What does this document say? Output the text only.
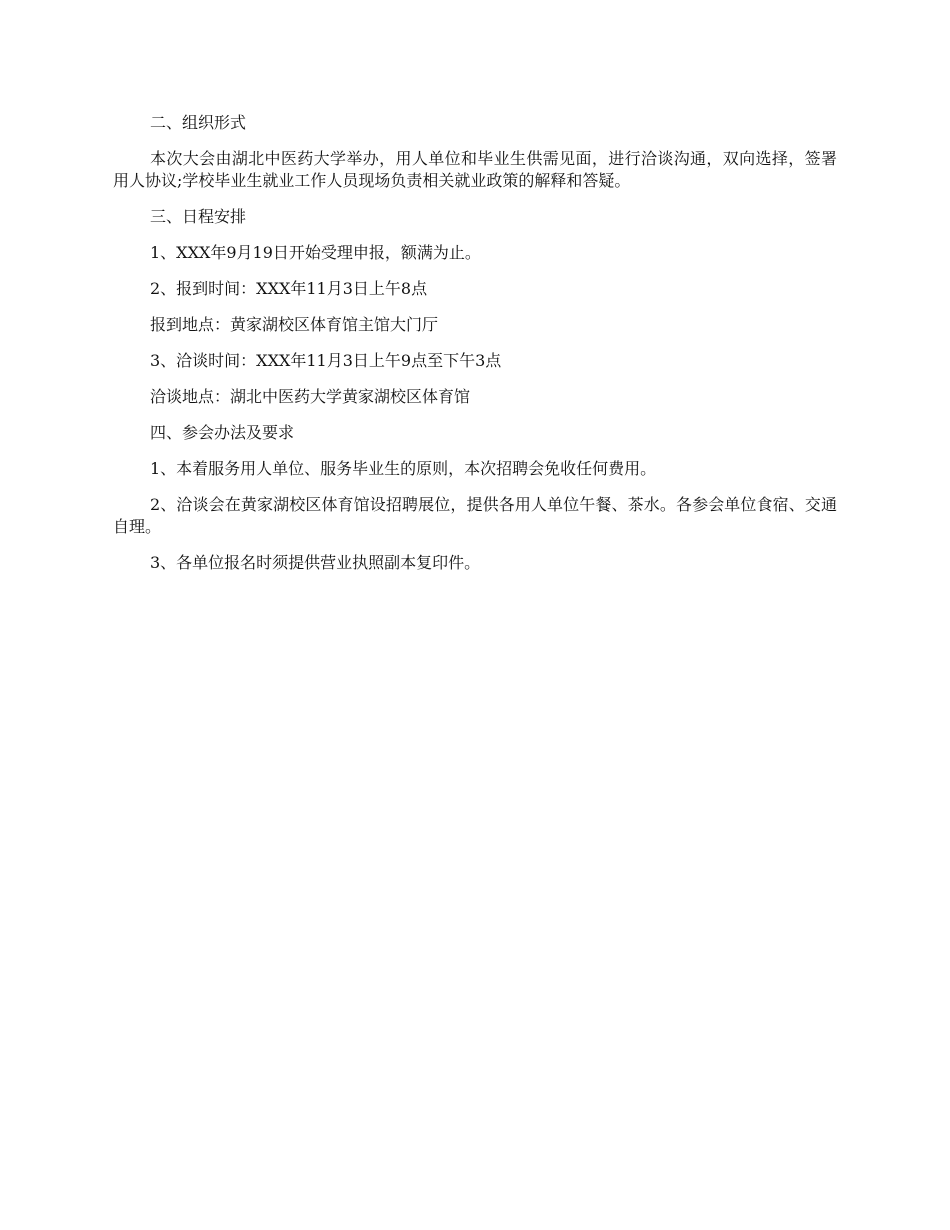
二、组织形式

本次大会由湖北中医药大学举办，用人单位和毕业生供需见面，进行洽谈沟通，双向选择，签署用人协议;学校毕业生就业工作人员现场负责相关就业政策的解释和答疑。

三、日程安排

1、XXX年9月19日开始受理申报，额满为止。

2、报到时间：XXX年11月3日上午8点

报到地点：黄家湖校区体育馆主馆大门厅

3、洽谈时间：XXX年11月3日上午9点至下午3点

洽谈地点：湖北中医药大学黄家湖校区体育馆

四、参会办法及要求

1、本着服务用人单位、服务毕业生的原则，本次招聘会免收任何费用。

2、洽谈会在黄家湖校区体育馆设招聘展位，提供各用人单位午餐、茶水。各参会单位食宿、交通自理。

3、各单位报名时须提供营业执照副本复印件。
